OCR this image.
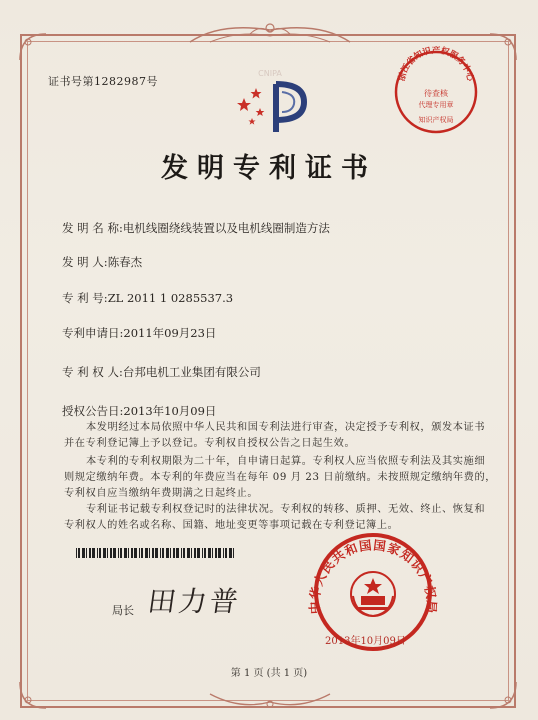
证书号第1282987号
CNIPA	浙江省知识产权服务中心
待查核
代理专用章
知识产权局
发明专利证书
发 明 名 称:电机线圈绕线装置以及电机线圈制造方法
发 明 人:陈春杰
专 利 号:ZL 2011 1 0285537.3
专利申请日:2011年09月23日
专 利 权 人:台邦电机工业集团有限公司
授权公告日:2013年10月09日
本发明经过本局依照中华人民共和国专利法进行审查，决定授予专利权，颁发本证书
并在专利登记簿上予以登记。专利权自授权公告之日起生效。
本专利的专利权期限为二十年，自申请日起算。专利权人应当依照专利法及其实施细
则规定缴纳年费。本专利的年费应当在每年 09 月 23 日前缴纳。未按照规定缴纳年费的，
专利权自应当缴纳年费期满之日起终止。
专利证书记载专利权登记时的法律状况。专利权的转移、质押、无效、终止、恢复和
专利权人的姓名或名称、国籍、地址变更等事项记载在专利登记簿上。
局长 田力普	中华人民共和国国家知识产权局
2013年10月09日
第 1 页 (共 1 页)
